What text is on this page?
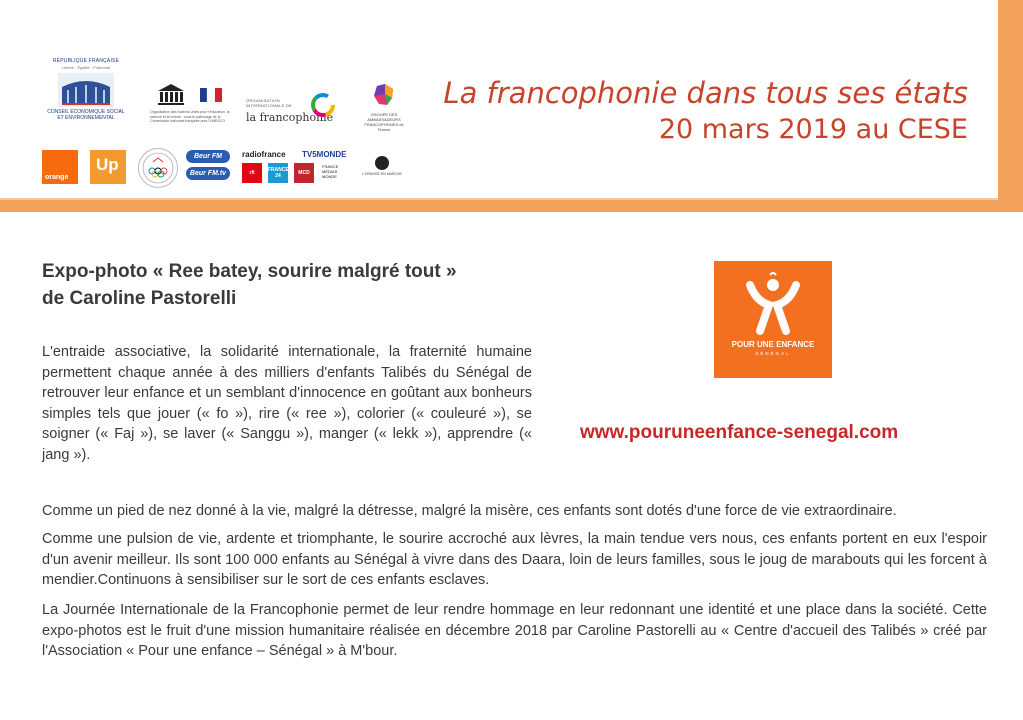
RÉPUBLIQUE FRANÇAISE
Liberté · Égalité · Fraternité
CONSEIL ÉCONOMIQUE SOCIAL ET ENVIRONNEMENTAL
Organisation des Nations Unies pour l'éducation, la science et la culture · sous le patronage de la Commission nationale française pour l'UNESCO
ORGANISATION INTERNATIONALE DE
la francophonie	GROUPE DES AMBASSADEURS FRANCOPHONES de France
orange
Up	Beur FM
Beur FM.tv
radiofrance TV5MONDE
rfi	FRANCE 24	MCD
FRANCE MÉDIAS MONDE	L'ORANGE EN MARCHE
La francophonie dans tous ses états
20 mars 2019 au CESE
Expo-photo « Ree batey, sourire malgré tout »
de Caroline Pastorelli
L'entraide associative, la solidarité internationale, la fraternité humaine permettent chaque année à des milliers d'enfants Talibés du Sénégal de retrouver leur enfance et un semblant d'innocence en goûtant aux bonheurs simples tels que jouer (« fo »), rire (« ree »), colorier (« couleuré »), se soigner (« Faj »), se laver (« Sanggu »), manger (« lekk »), apprendre (« jang »).
POUR UNE ENFANCE
SÉNÉGAL
www.pouruneenfance-senegal.com
Comme un pied de nez donné à la vie, malgré la détresse, malgré la misère, ces enfants sont dotés d'une force de vie extraordinaire.
Comme une pulsion de vie, ardente et triomphante, le sourire accroché aux lèvres, la main tendue vers nous, ces enfants portent en eux l'espoir d'un avenir meilleur. Ils sont 100 000 enfants au Sénégal à vivre dans des Daara, loin de leurs familles, sous le joug de marabouts qui les forcent à mendier.Continuons à sensibiliser sur le sort de ces enfants esclaves.
La Journée Internationale de la Francophonie permet de leur rendre hommage en leur redonnant une identité et une place dans la société. Cette expo-photos est le fruit d'une mission humanitaire réalisée en décembre 2018 par Caroline Pastorelli au « Centre d'accueil des Talibés » créé par l'Association « Pour une enfance – Sénégal » à M'bour.
